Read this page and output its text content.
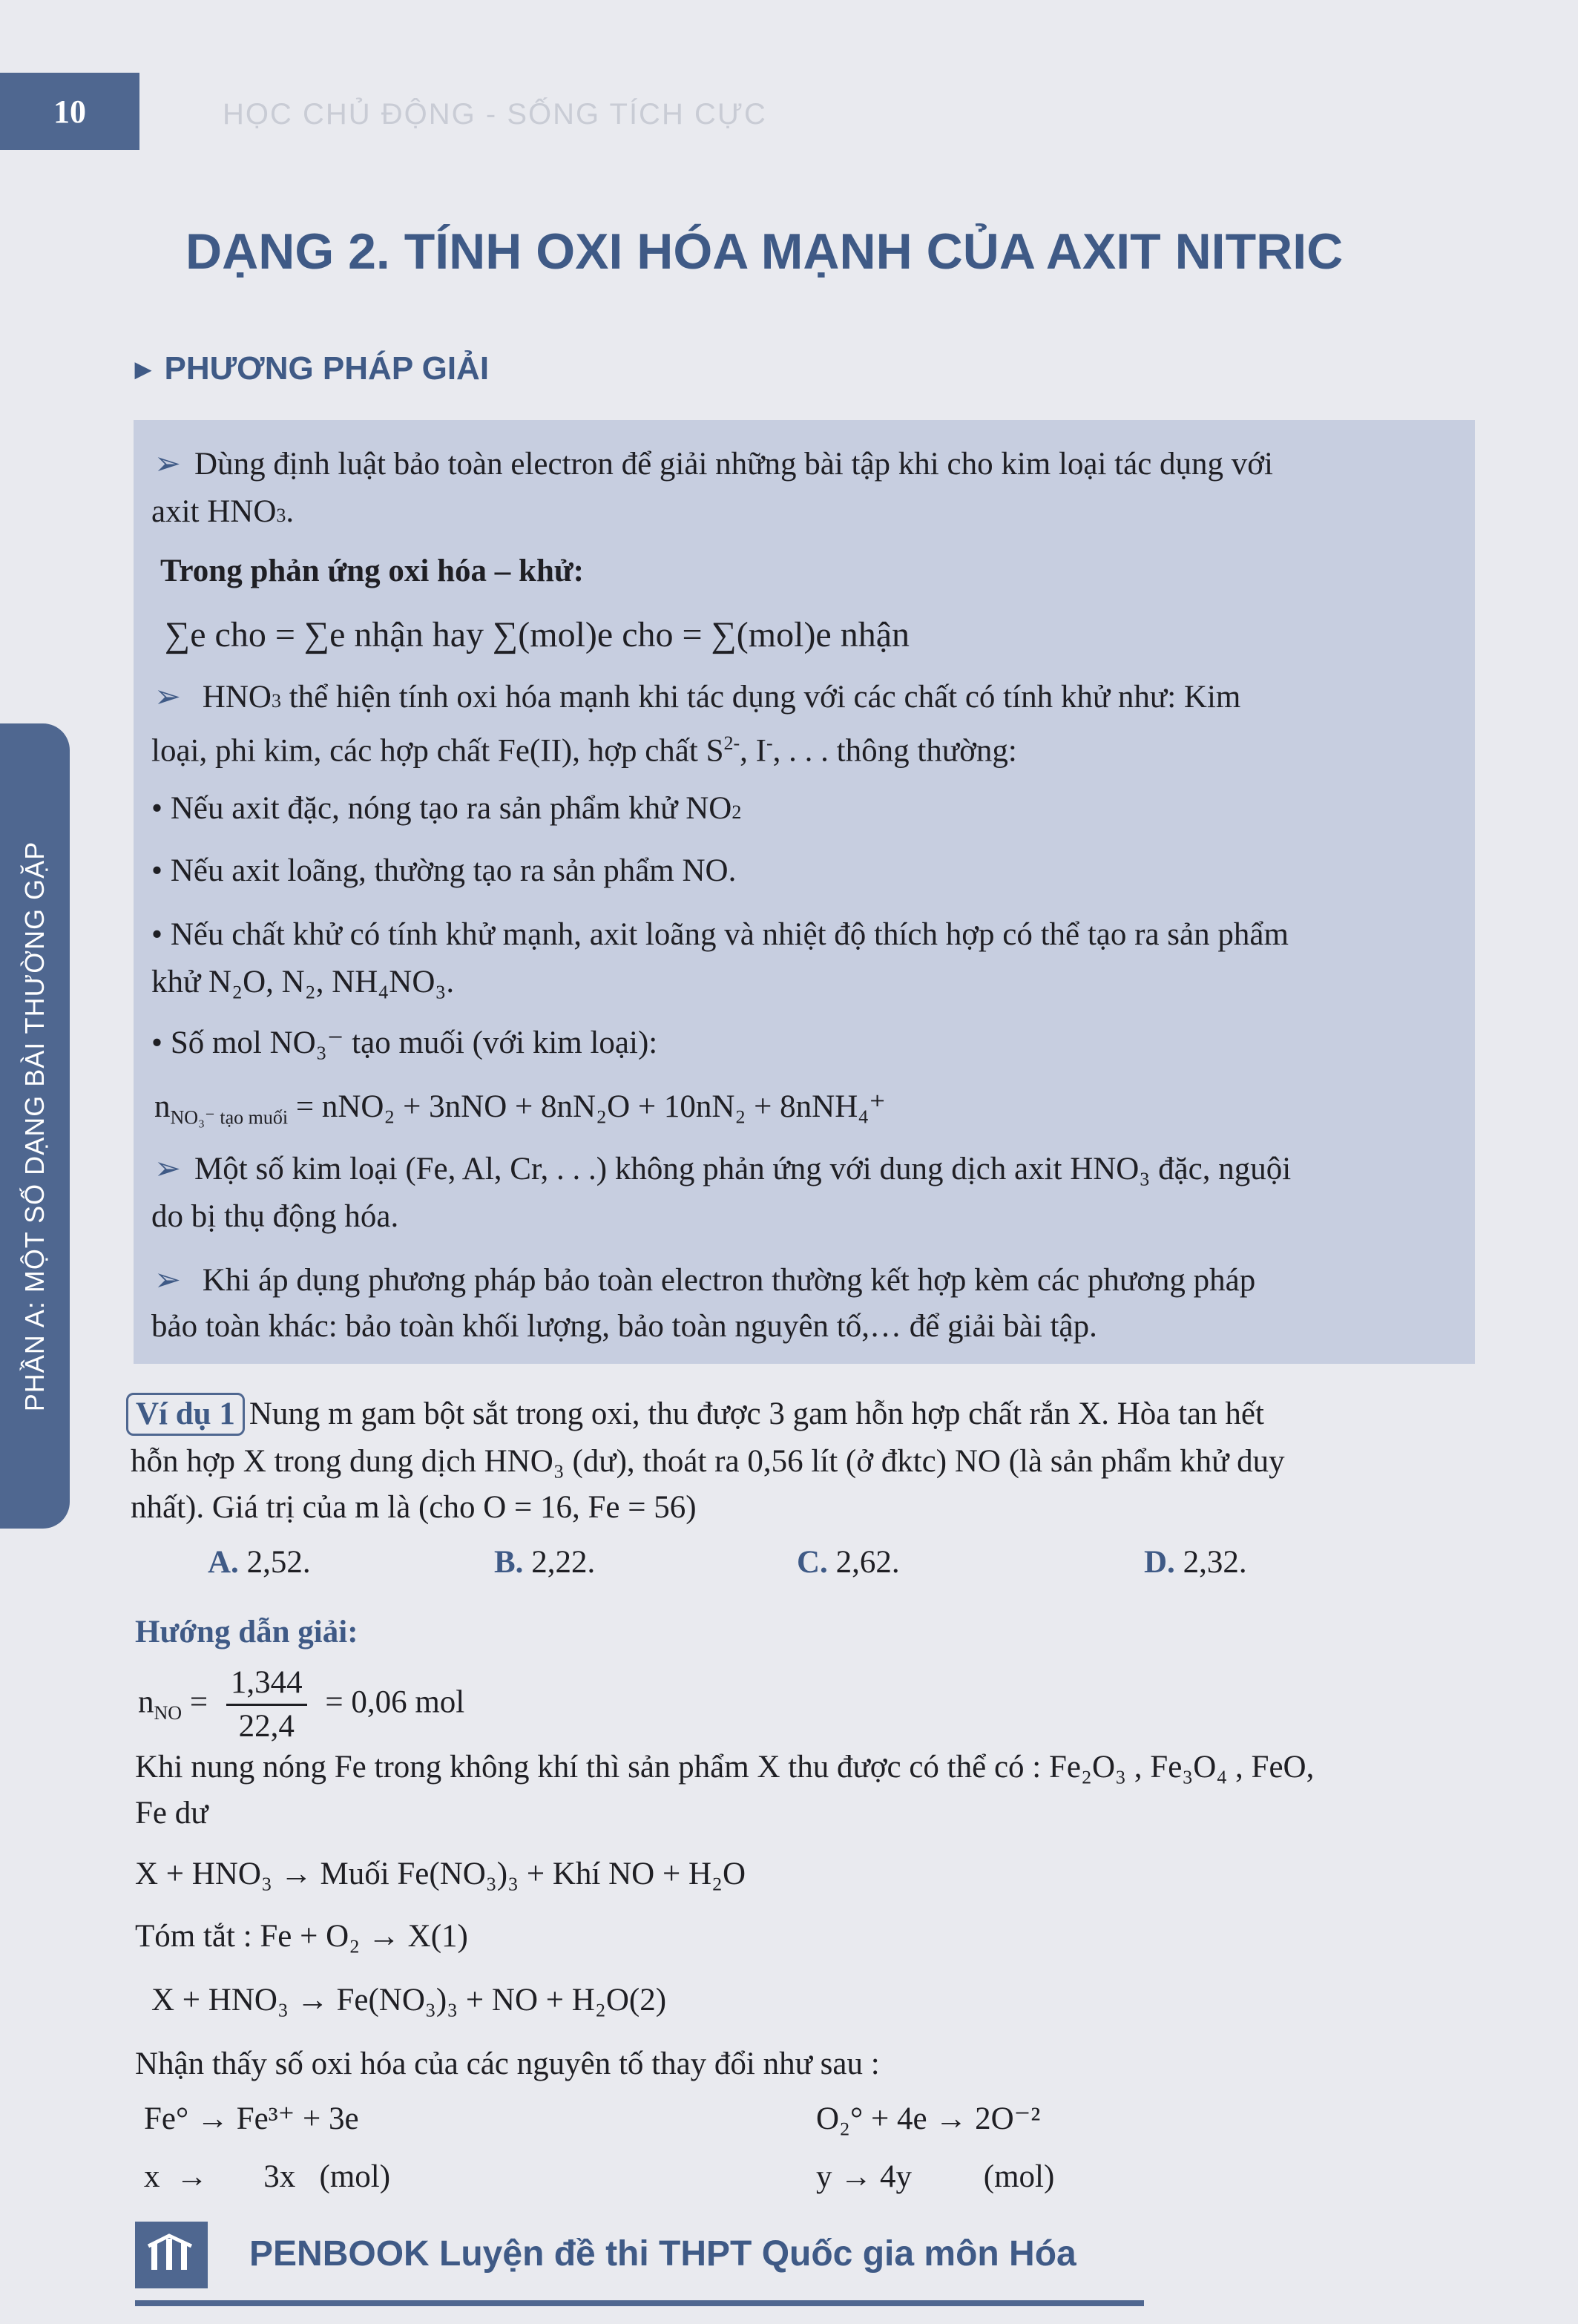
10	HỌC CHỦ ĐỘNG - SỐNG TÍCH CỰC
PHẦN A: MỘT SỐ DẠNG BÀI THƯỜNG GẶP
DẠNG 2. TÍNH OXI HÓA MẠNH CỦA AXIT NITRIC
▶ PHƯƠNG PHÁP GIẢI
➢ Dùng định luật bảo toàn electron để giải những bài tập khi cho kim loại tác dụng với
axit HNO3.
Trong phản ứng oxi hóa – khử:
∑e cho = ∑e nhận hay ∑(mol)e cho = ∑(mol)e nhận
➢ HNO3 thể hiện tính oxi hóa mạnh khi tác dụng với các chất có tính khử như: Kim
loại, phi kim, các hợp chất Fe(II), hợp chất $S^{2-}$, I-, . . . thông thường:
• Nếu axit đặc, nóng tạo ra sản phẩm khử NO2
• Nếu axit loãng, thường tạo ra sản phẩm NO.
• Nếu chất khử có tính khử mạnh, axit loãng và nhiệt độ thích hợp có thể tạo ra sản phẩm
khử N₂O, N₂, NH₄NO₃.
• Số mol NO₃⁻ tạo muối (với kim loại):
$n_{NO_3^- tạo muối} = nNO_2 + 3nNO + 8nN_2O + 10nN_2 + 8nNH_4^+$
➢ Một số kim loại (Fe, Al, Cr, . . .) không phản ứng với dung dịch axit HNO₃ đặc, nguội
do bị thụ động hóa.
➢ Khi áp dụng phương pháp bảo toàn electron thường kết hợp kèm các phương pháp
bảo toàn khác: bảo toàn khối lượng, bảo toàn nguyên tố,… để giải bài tập.
Ví dụ 1 Nung m gam bột sắt trong oxi, thu được 3 gam hỗn hợp chất rắn X. Hòa tan hết
hỗn hợp X trong dung dịch HNO₃ (dư), thoát ra 0,56 lít (ở đktc) NO (là sản phẩm khử duy
nhất). Giá trị của m là (cho O = 16, Fe = 56)
A. 2,52.	B. 2,22.	C. 2,62.	D. 2,32.
Hướng dẫn giải:
$n_{NO} = \frac{1,344}{22,4} = 0,06$ mol
Khi nung nóng Fe trong không khí thì sản phẩm X thu được có thể có : Fe₂O₃ , Fe₃O₄ , FeO,
Fe dư
X + HNO₃ → Muối Fe(NO₃)₃ + Khí NO + H₂O
Tóm tắt : Fe + O₂ → X(1)
X + HNO₃ → Fe(NO₃)₃ + NO + H₂O(2)
Nhận thấy số oxi hóa của các nguyên tố thay đổi như sau :
Fe° → Fe³⁺ + 3e	O₂° + 4e → 2O⁻²
x  →       3x   (mol)	y → 4y         (mol)
PENBOOK Luyện đề thi THPT Quốc gia môn Hóa
